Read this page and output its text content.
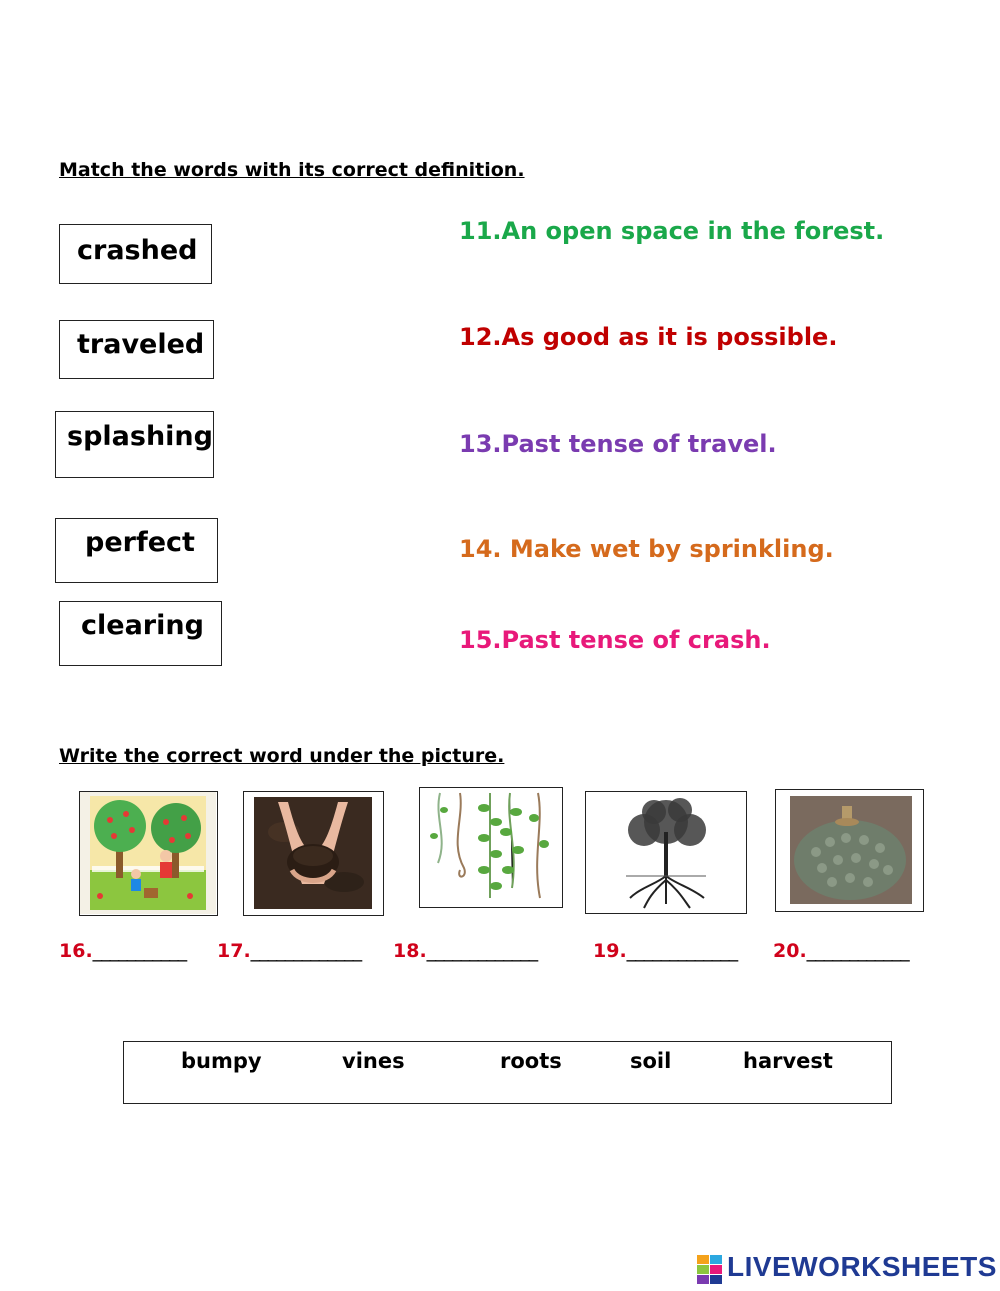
Match the words with its correct definition.
crashed
traveled
splashing
perfect
clearing
11.An open space in the forest.
12.As good as it is possible.
13.Past tense of travel.
14. Make wet by sprinkling.
15.Past tense of crash.
Write the correct word under the picture.
16.___________ 17._____________ 18._____________	19._____________ 20.____________
bumpy	vines	roots	soil	harvest
LIVEWORKSHEETS
